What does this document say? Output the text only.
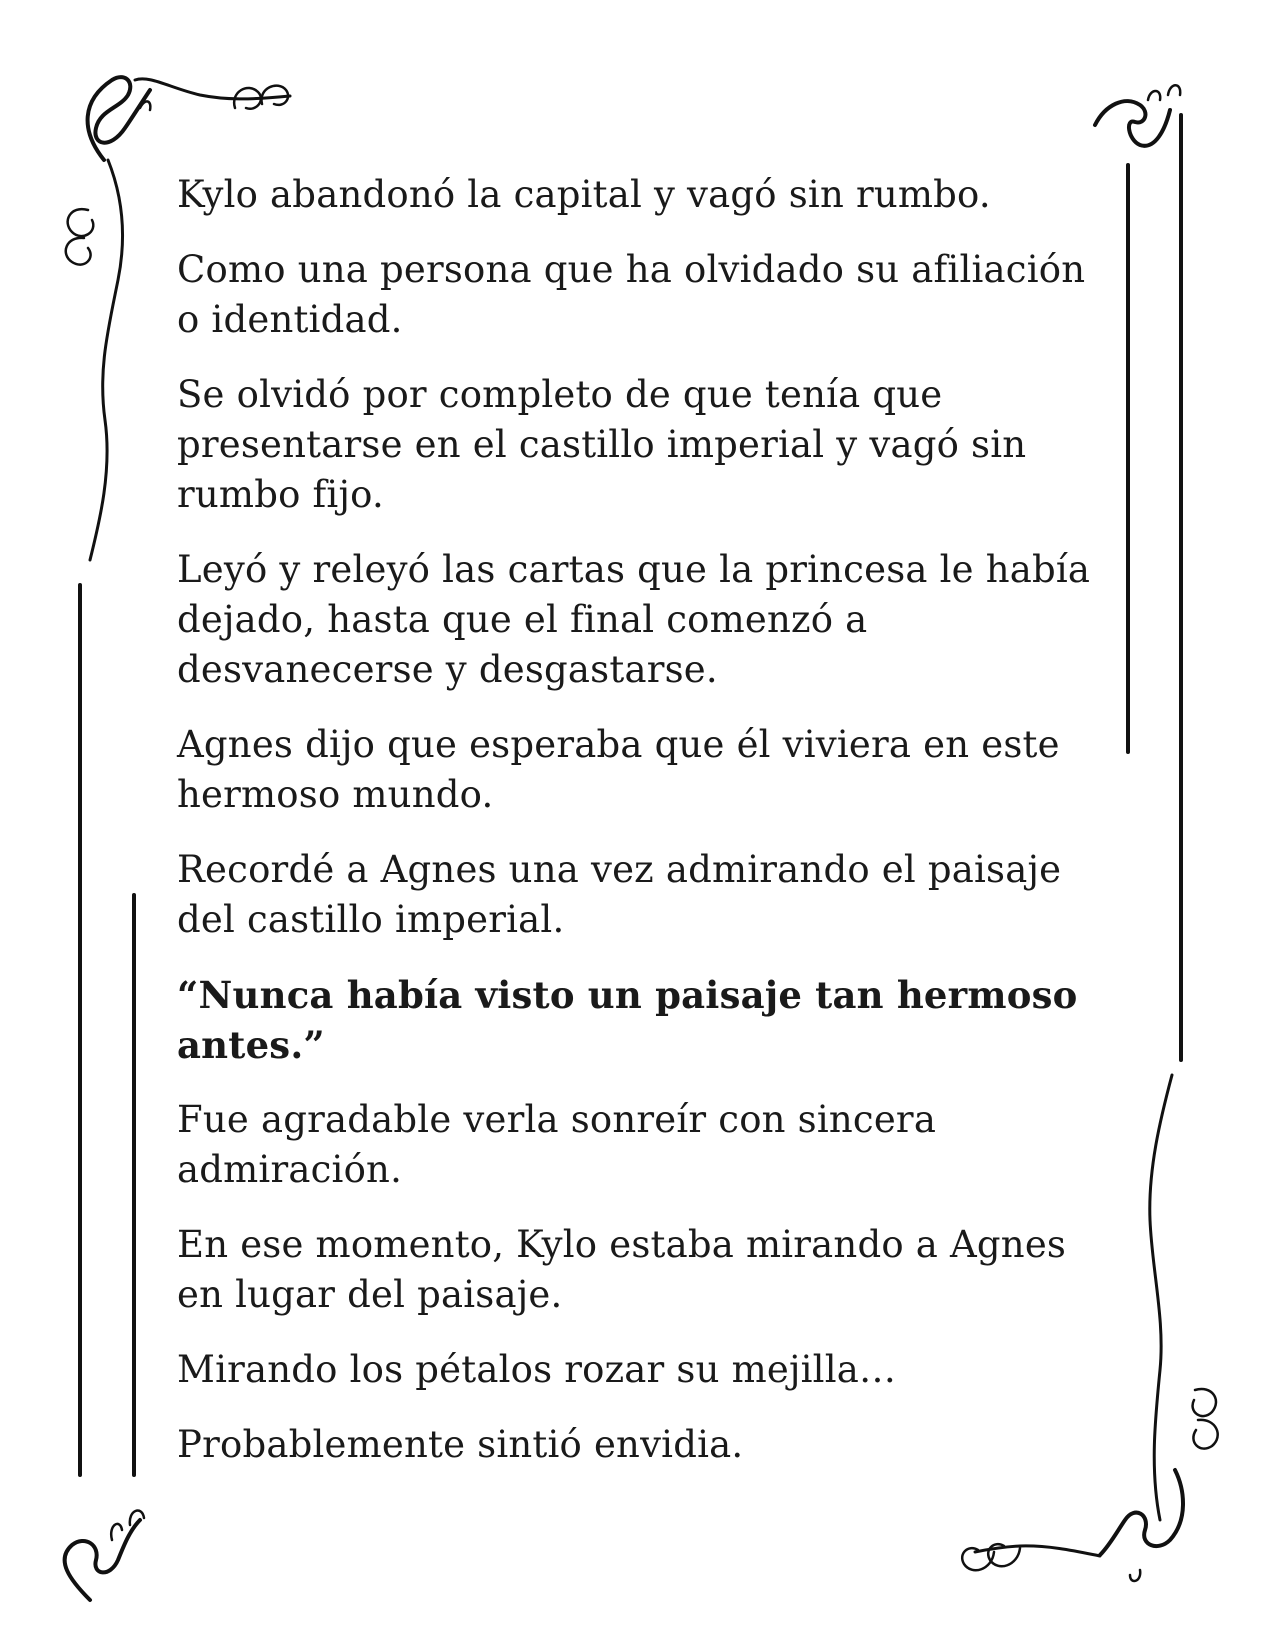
Kylo abandonó la capital y vagó sin rumbo.

Como una persona que ha olvidado su afiliación o identidad.

Se olvidó por completo de que tenía que presentarse en el castillo imperial y vagó sin rumbo fijo.

Leyó y releyó las cartas que la princesa le había dejado, hasta que el final comenzó a desvanecerse y desgastarse.

Agnes dijo que esperaba que él viviera en este hermoso mundo.

Recordé a Agnes una vez admirando el paisaje del castillo imperial.

“Nunca había visto un paisaje tan hermoso antes.”

Fue agradable verla sonreír con sincera admiración.

En ese momento, Kylo estaba mirando a Agnes en lugar del paisaje.

Mirando los pétalos rozar su mejilla…

Probablemente sintió envidia.
